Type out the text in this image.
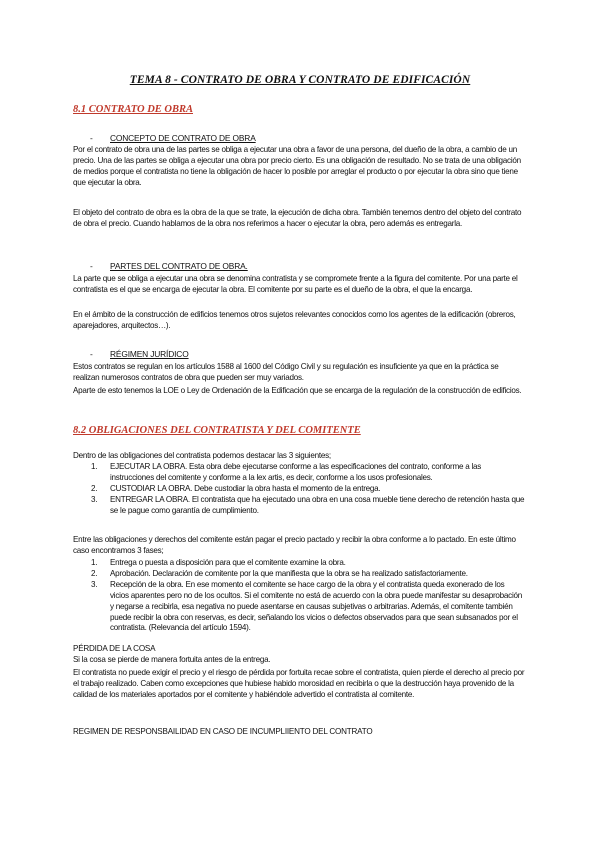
TEMA 8 - CONTRATO DE OBRA Y CONTRATO DE EDIFICACIÓN
8.1 CONTRATO DE OBRA
- CONCEPTO DE CONTRATO DE OBRA

Por el contrato de obra una de las partes se obliga a ejecutar una obra a favor de una persona, del dueño de la obra, a cambio de un precio. Una de las partes se obliga a ejecutar una obra por precio cierto. Es una obligación de resultado. No se trata de una obligación de medios porque el contratista no tiene la obligación de hacer lo posible por arreglar el producto o por ejecutar la obra sino que tiene que ejecutar la obra.

El objeto del contrato de obra es la obra de la que se trate, la ejecución de dicha obra. También tenemos dentro del objeto del contrato de obra el precio. Cuando hablamos de la obra nos referimos a hacer o ejecutar la obra, pero además es entregarla.

- PARTES DEL CONTRATO DE OBRA.

La parte que se obliga a ejecutar una obra se denomina contratista y se compromete frente a la figura del comitente. Por una parte el contratista es el que se encarga de ejecutar la obra. El comitente por su parte es el dueño de la obra, el que la encarga.

En el ámbito de la construcción de edificios tenemos otros sujetos relevantes conocidos como los agentes de la edificación (obreros, aparejadores, arquitectos…).

- RÉGIMEN JURÍDICO

Estos contratos se regulan en los artículos 1588 al 1600 del Código Civil y su regulación es insuficiente ya que en la práctica se realizan numerosos contratos de obra que pueden ser muy variados.

Aparte de esto tenemos la LOE o Ley de Ordenación de la Edificación que se encarga de la regulación de la construcción de edificios.

8.2 OBLIGACIONES DEL CONTRATISTA Y DEL COMITENTE

Dentro de las obligaciones del contratista podemos destacar las 3 siguientes;

1. EJECUTAR LA OBRA. Esta obra debe ejecutarse conforme a las especificaciones del contrato, conforme a las instrucciones del comitente y conforme a la lex artis, es decir, conforme a los usos profesionales.
2. CUSTODIAR LA OBRA. Debe custodiar la obra hasta el momento de la entrega.
3. ENTREGAR LA OBRA. El contratista que ha ejecutado una obra en una cosa mueble tiene derecho de retención hasta que se le pague como garantía de cumplimiento.

Entre las obligaciones y derechos del comitente están pagar el precio pactado y recibir la obra conforme a lo pactado. En este último caso encontramos 3 fases;

1. Entrega o puesta a disposición para que el comitente examine la obra.
2. Aprobación. Declaración de comitente por la que manifiesta que la obra se ha realizado satisfactoriamente.
3. Recepción de la obra. En ese momento el comitente se hace cargo de la obra y el contratista queda exonerado de los vicios aparentes pero no de los ocultos. Si el comitente no está de acuerdo con la obra puede manifestar su desaprobación y negarse a recibirla, esa negativa no puede asentarse en causas subjetivas o arbitrarias. Además, el comitente también puede recibir la obra con reservas, es decir, señalando los vicios o defectos observados para que sean subsanados por el contratista. (Relevancia del artículo 1594).
PÉRDIDA DE LA COSA

Si la cosa se pierde de manera fortuita antes de la entrega.

El contratista no puede exigir el precio y el riesgo de pérdida por fortuita recae sobre el contratista, quien pierde el derecho al precio por el trabajo realizado. Caben como excepciones que hubiese habido morosidad en recibirla o que la destrucción haya provenido de la calidad de los materiales aportados por el comitente y habiéndole advertido el contratista al comitente.

REGIMEN DE RESPONSBAILIDAD EN CASO DE INCUMPLIIENTO DEL CONTRATO
